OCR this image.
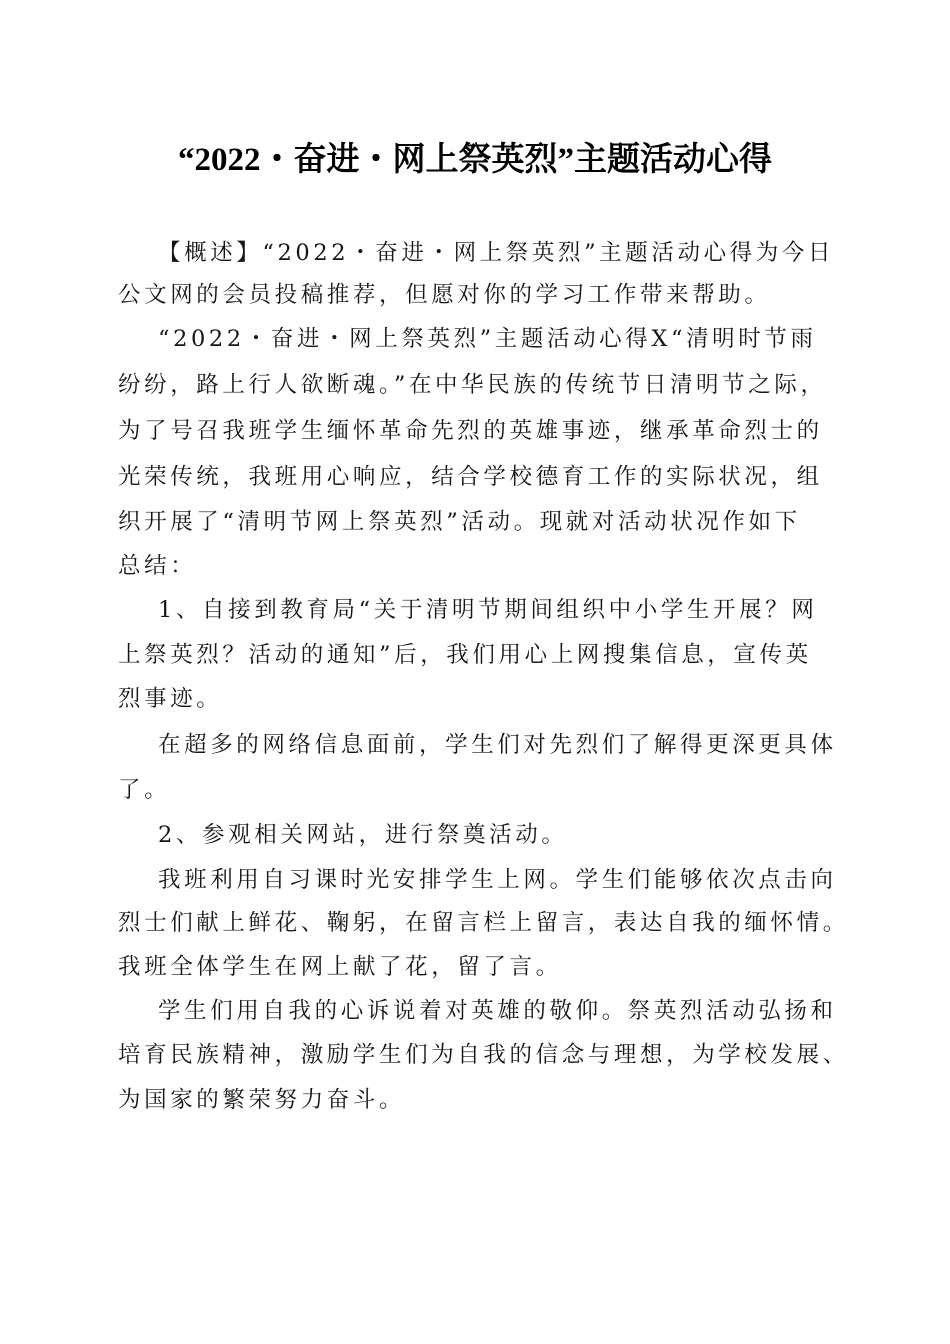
“2022・奋进・网上祭英烈”主题活动心得
【概述】“2022・奋进・网上祭英烈”主题活动心得为今日
公文网的会员投稿推荐，但愿对你的学习工作带来帮助。
“2022・奋进・网上祭英烈”主题活动心得X“清明时节雨
纷纷，路上行人欲断魂。”在中华民族的传统节日清明节之际，
为了号召我班学生缅怀革命先烈的英雄事迹，继承革命烈士的
光荣传统，我班用心响应，结合学校德育工作的实际状况，组
织开展了“清明节网上祭英烈”活动。现就对活动状况作如下
总结：
1、自接到教育局“关于清明节期间组织中小学生开展？网
上祭英烈？活动的通知”后，我们用心上网搜集信息，宣传英
烈事迹。
在超多的网络信息面前，学生们对先烈们了解得更深更具体
了。
2、参观相关网站，进行祭奠活动。
我班利用自习课时光安排学生上网。学生们能够依次点击向
烈士们献上鲜花、鞠躬，在留言栏上留言，表达自我的缅怀情。
我班全体学生在网上献了花，留了言。
学生们用自我的心诉说着对英雄的敬仰。祭英烈活动弘扬和
培育民族精神，激励学生们为自我的信念与理想，为学校发展、
为国家的繁荣努力奋斗。
